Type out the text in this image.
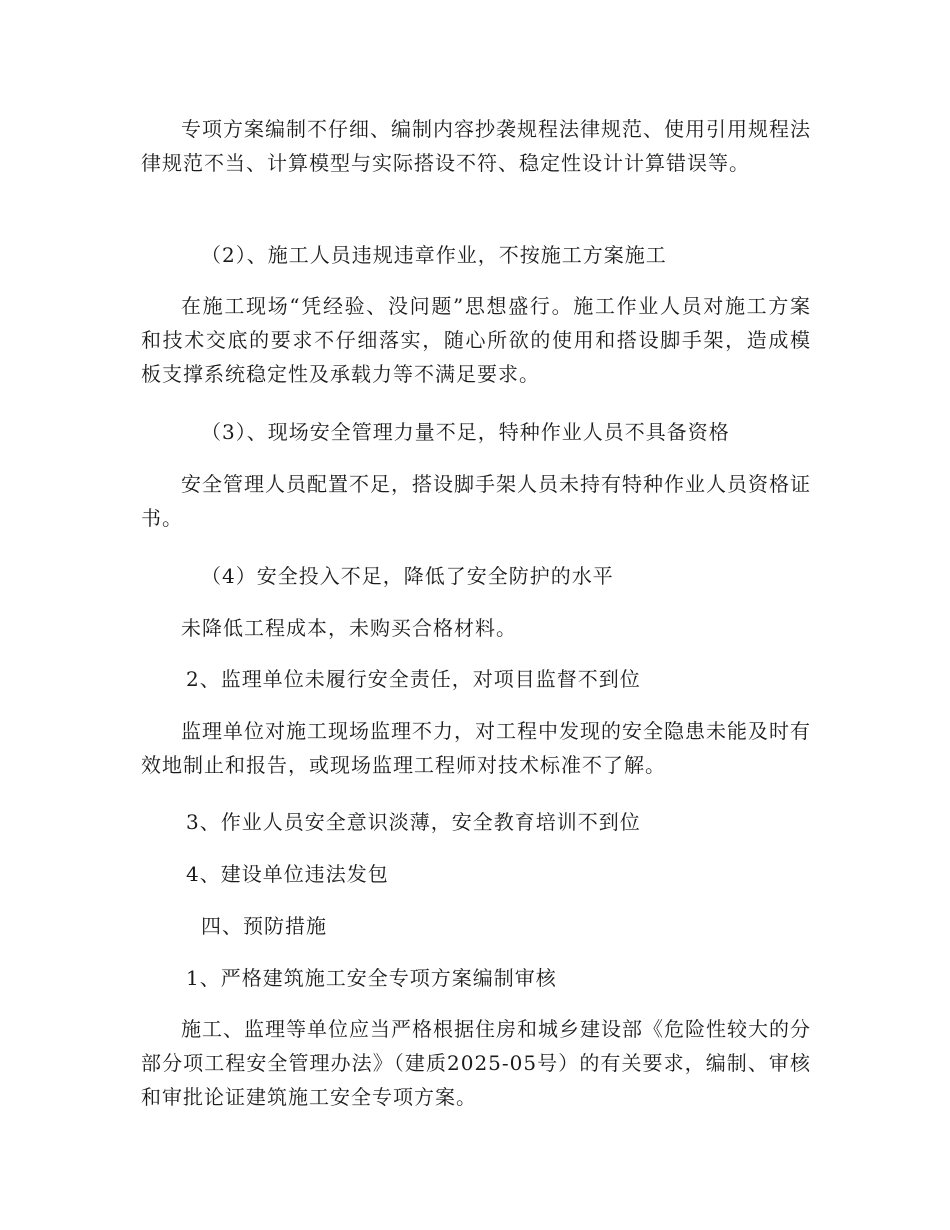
专项方案编制不仔细、编制内容抄袭规程法律规范、使用引用规程法律规范不当、计算模型与实际搭设不符、稳定性设计计算错误等。

（2）、施工人员违规违章作业，不按施工方案施工

在施工现场“凭经验、没问题”思想盛行。施工作业人员对施工方案和技术交底的要求不仔细落实，随心所欲的使用和搭设脚手架，造成模板支撑系统稳定性及承载力等不满足要求。

（3）、现场安全管理力量不足，特种作业人员不具备资格

安全管理人员配置不足，搭设脚手架人员未持有特种作业人员资格证书。

（4）安全投入不足，降低了安全防护的水平

未降低工程成本，未购买合格材料。

2、监理单位未履行安全责任，对项目监督不到位

监理单位对施工现场监理不力，对工程中发现的安全隐患未能及时有效地制止和报告，或现场监理工程师对技术标准不了解。

3、作业人员安全意识淡薄，安全教育培训不到位

4、建设单位违法发包

四、预防措施

1、严格建筑施工安全专项方案编制审核

施工、监理等单位应当严格根据住房和城乡建设部《危险性较大的分部分项工程安全管理办法》（建质2025-05号）的有关要求，编制、审核和审批论证建筑施工安全专项方案。
